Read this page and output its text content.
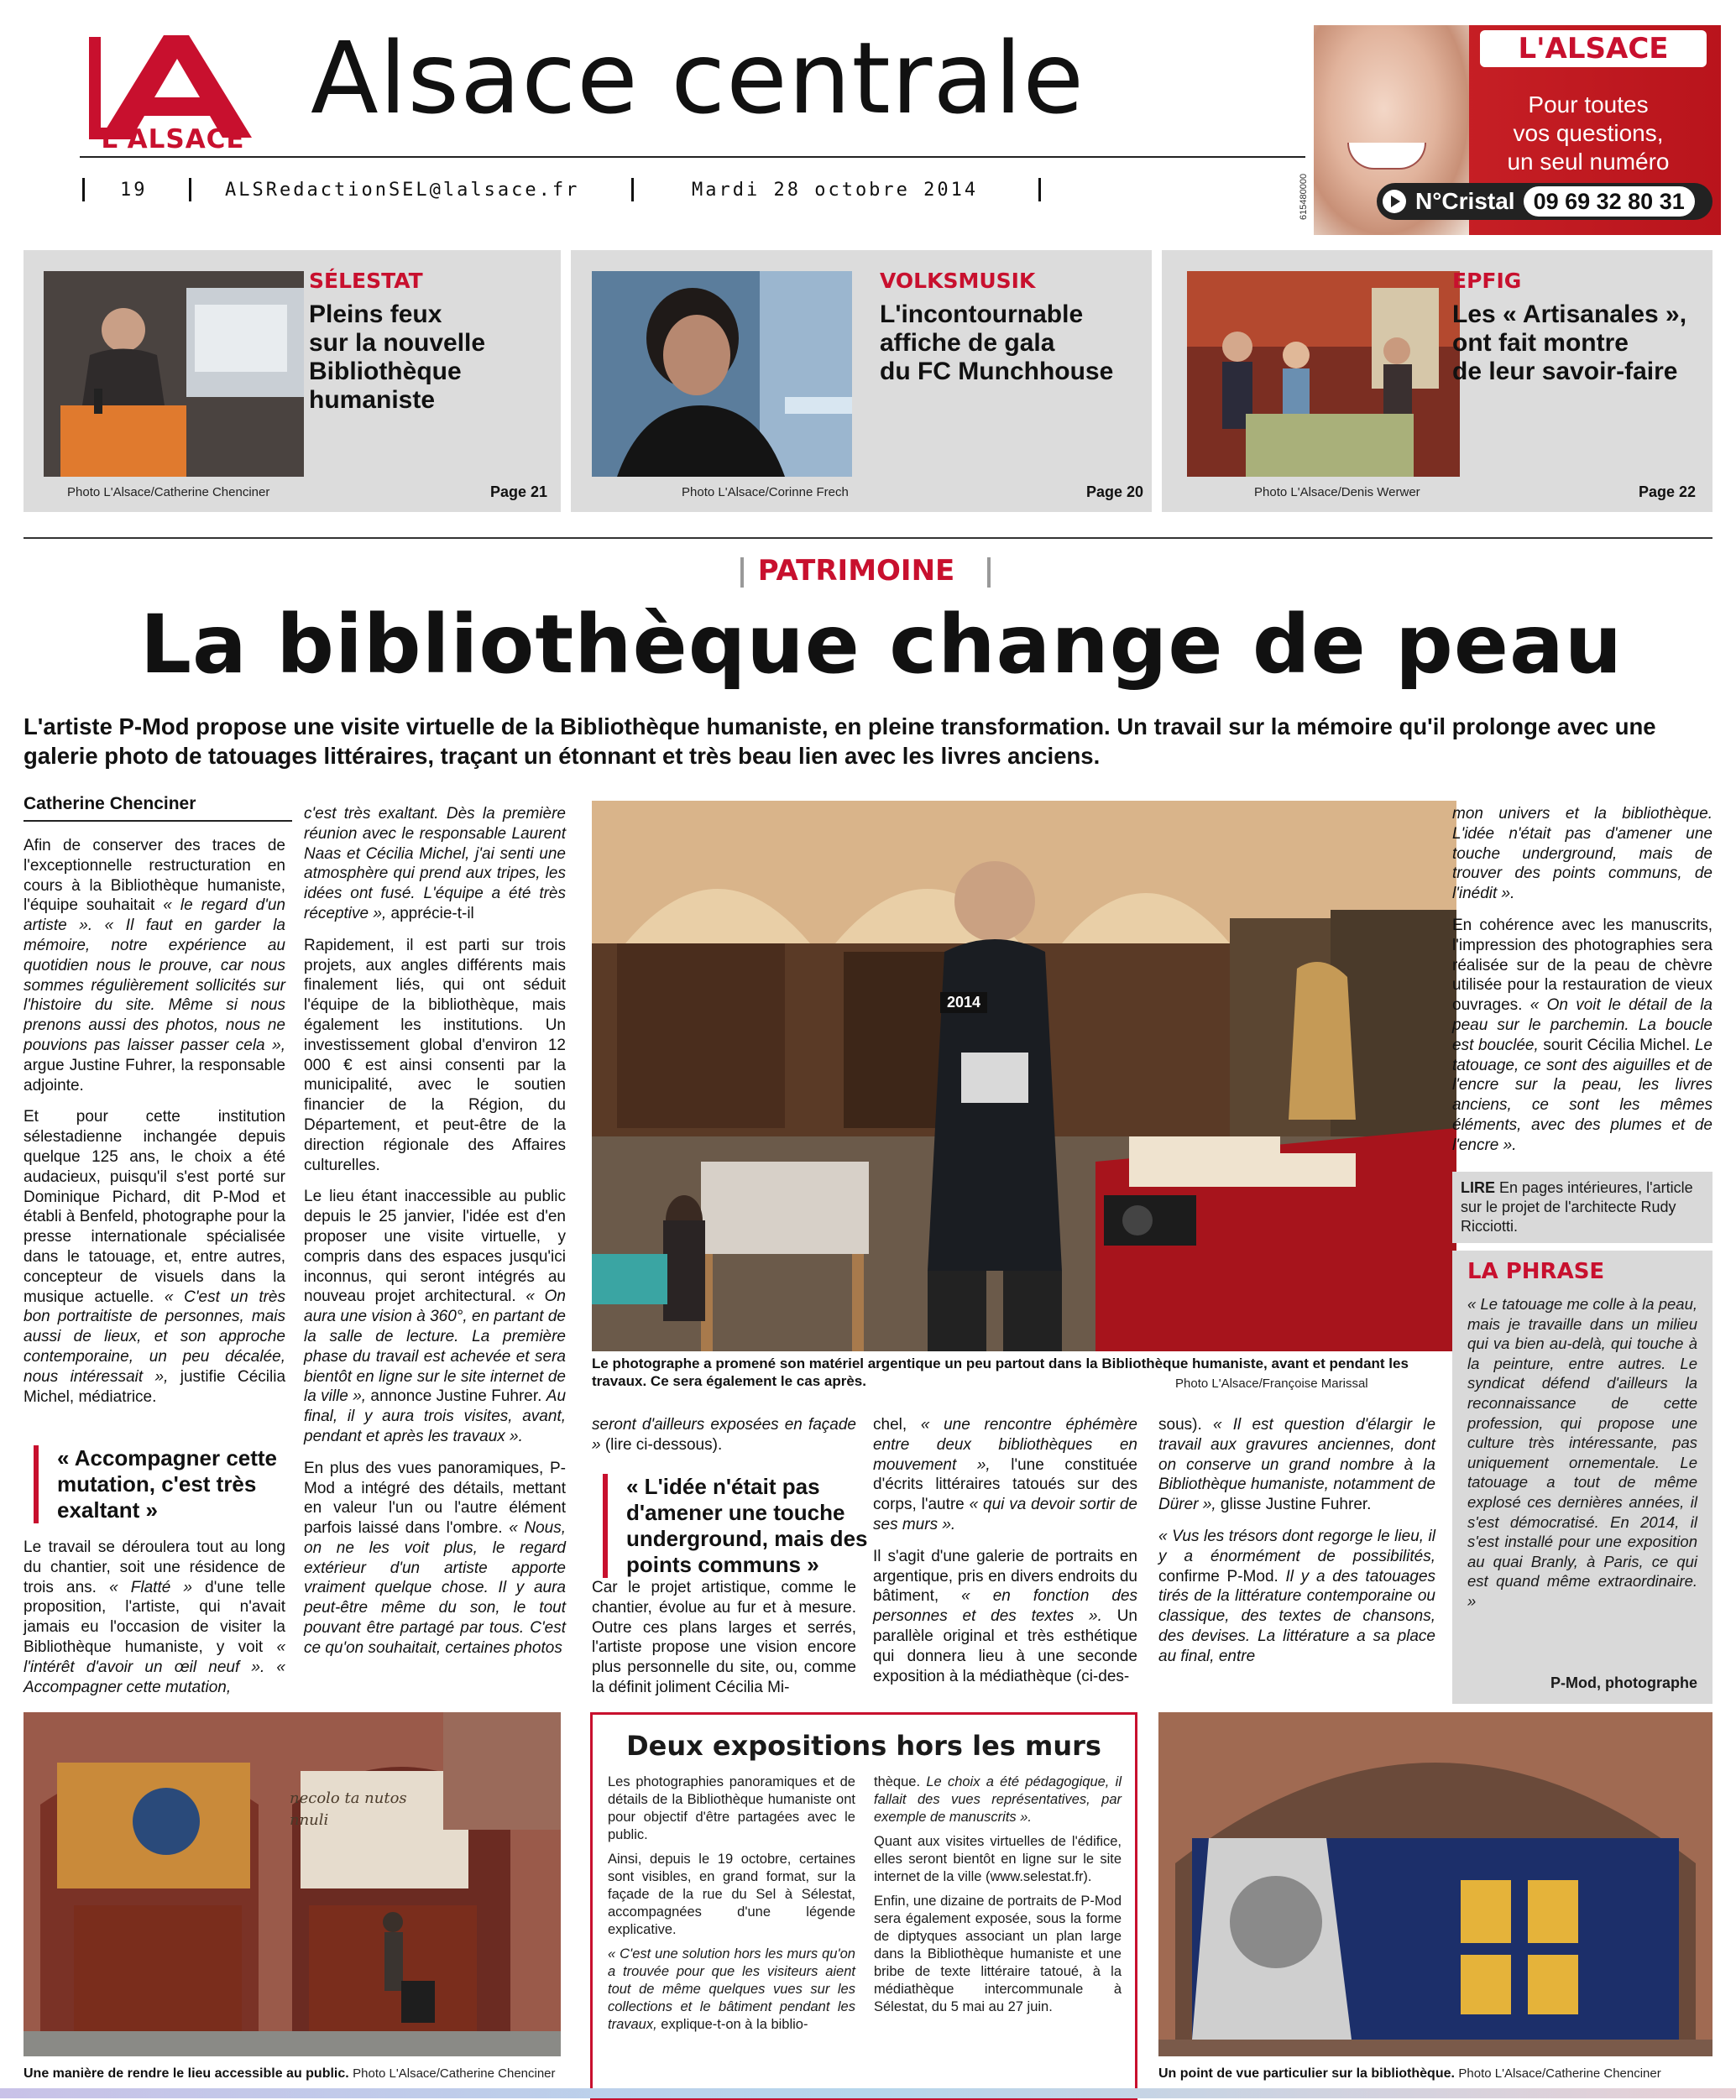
L'ALSACE
Alsace centrale
19	ALSRedactionSEL@lalsace.fr	Mardi 28 octobre 2014
L'ALSACE
Pour toutes
vos questions,
un seul numéro
N°Cristal 09 69 32 80 31
615480000
SÉLESTAT
Pleins feux
sur la nouvelle
Bibliothèque
humaniste
Photo L'Alsace/Catherine Chenciner	Page 21
VOLKSMUSIK
L'incontournable
affiche de gala
du FC Munchhouse
Photo L'Alsace/Corinne Frech	Page 20
EPFIG
Les « Artisanales »,
ont fait montre
de leur savoir-faire
Photo L'Alsace/Denis Werwer	Page 22
PATRIMOINE
La bibliothèque change de peau
L'artiste P-Mod propose une visite virtuelle de la Bibliothèque humaniste, en pleine transformation. Un travail sur la mémoire qu'il prolonge avec une galerie photo de tatouages littéraires, traçant un étonnant et très beau lien avec les livres anciens.
Catherine Chenciner

Afin de conserver des traces de l'exceptionnelle restructuration en cours à la Bibliothèque humaniste, l'équipe souhaitait « le regard d'un artiste ». « Il faut en garder la mémoire, notre expérience au quotidien nous le prouve, car nous sommes régulièrement sollicités sur l'histoire du site. Même si nous prenons aussi des photos, nous ne pouvions pas laisser passer cela », argue Justine Fuhrer, la responsable adjointe.

Et pour cette institution sélestadienne inchangée depuis quelque 125 ans, le choix a été audacieux, puisqu'il s'est porté sur Dominique Pichard, dit P-Mod et établi à Benfeld, photographe pour la presse internationale spécialisée dans le tatouage, et, entre autres, concepteur de visuels dans la musique actuelle. « C'est un très bon portraitiste de personnes, mais aussi de lieux, et son approche contemporaine, un peu décalée, nous intéressait », justifie Cécilia Michel, médiatrice.

« Accompagner cette mutation, c'est très exaltant »

Le travail se déroulera tout au long du chantier, soit une résidence de trois ans. « Flatté » d'une telle proposition, l'artiste, qui n'avait jamais eu l'occasion de visiter la Bibliothèque humaniste, y voit « l'intérêt d'avoir un œil neuf ». « Accompagner cette mutation,

c'est très exaltant. Dès la première réunion avec le responsable Laurent Naas et Cécilia Michel, j'ai senti une atmosphère qui prend aux tripes, les idées ont fusé. L'équipe a été très réceptive », apprécie-t-il

Rapidement, il est parti sur trois projets, aux angles différents mais finalement liés, qui ont séduit l'équipe de la bibliothèque, mais également les institutions. Un investissement global d'environ 12 000 € est ainsi consenti par la municipalité, avec le soutien financier de la Région, du Département, et peut-être de la direction régionale des Affaires culturelles.

Le lieu étant inaccessible au public depuis le 25 janvier, l'idée est d'en proposer une visite virtuelle, y compris dans des espaces jusqu'ici inconnus, qui seront intégrés au nouveau projet architectural. « On aura une vision à 360°, en partant de la salle de lecture. La première phase du travail est achevée et sera bientôt en ligne sur le site internet de la ville », annonce Justine Fuhrer. Au final, il y aura trois visites, avant, pendant et après les travaux ».

En plus des vues panoramiques, P-Mod a intégré des détails, mettant en valeur l'un ou l'autre élément parfois laissé dans l'ombre. « Nous, on ne les voit plus, le regard extérieur d'un artiste apporte vraiment quelque chose. Il y aura peut-être même du son, le tout pouvant être partagé par tous. C'est ce qu'on souhaitait, certaines photos

2014
Le photographe a promené son matériel argentique un peu partout dans la Bibliothèque humaniste, avant et pendant les travaux. Ce sera également le cas après.	Photo L'Alsace/Françoise Marissal

seront d'ailleurs exposées en façade » (lire ci-dessous).

« L'idée n'était pas d'amener une touche underground, mais des points communs »

Car le projet artistique, comme le chantier, évolue au fur et à mesure. Outre ces plans larges et serrés, l'artiste propose une vision encore plus personnelle du site, ou, comme la définit joliment Cécilia Mi-

chel, « une rencontre éphémère entre deux bibliothèques en mouvement », l'une constituée d'écrits littéraires tatoués sur des corps, l'autre « qui va devoir sortir de ses murs ».

Il s'agit d'une galerie de portraits en argentique, pris en divers endroits du bâtiment, « en fonction des personnes et des textes ». Un parallèle original et très esthétique qui donnera lieu à une seconde exposition à la médiathèque (ci-des-

sous). « Il est question d'élargir le travail aux gravures anciennes, dont on conserve un grand nombre à la Bibliothèque humaniste, notamment de Dürer », glisse Justine Fuhrer.

« Vus les trésors dont regorge le lieu, il y a énormément de possibilités, confirme P-Mod. Il y a des tatouages tirés de la littérature contemporaine ou classique, des textes de chansons, des devises. La littérature a sa place au final, entre

mon univers et la bibliothèque. L'idée n'était pas d'amener une touche underground, mais de trouver des points communs, de l'inédit ».

En cohérence avec les manuscrits, l'impression des photographies sera réalisée sur de la peau de chèvre utilisée pour la restauration de vieux ouvrages. « On voit le détail de la peau sur le parchemin. La boucle est bouclée, sourit Cécilia Michel. Le tatouage, ce sont des aiguilles et de l'encre sur la peau, les livres anciens, ce sont les mêmes éléments, avec des plumes et de l'encre ».

LIRE En pages intérieures, l'article sur le projet de l'architecte Rudy Ricciotti.
LA PHRASE

« Le tatouage me colle à la peau, mais je travaille dans un milieu qui va bien au-delà, qui touche à la peinture, entre autres. Le syndicat défend d'ailleurs la reconnaissance de cette profession, qui propose une culture très intéressante, pas uniquement ornementale. Le tatouage a tout de même explosé ces dernières années, il s'est démocratisé. En 2014, il s'est installé pour une exposition au quai Branly, à Paris, ce qui est quand même extraordinaire. »

P-Mod, photographe
necolo ta nutos nnuli
Une manière de rendre le lieu accessible au public. Photo L'Alsace/Catherine Chenciner
Deux expositions hors les murs

Les photographies panoramiques et de détails de la Bibliothèque humaniste ont pour objectif d'être partagées avec le public.

Ainsi, depuis le 19 octobre, certaines sont visibles, en grand format, sur la façade de la rue du Sel à Sélestat, accompagnées d'une légende explicative.

« C'est une solution hors les murs qu'on a trouvée pour que les visiteurs aient tout de même quelques vues sur les collections et le bâtiment pendant les travaux, explique-t-on à la biblio-

thèque. Le choix a été pédagogique, il fallait des vues représentatives, par exemple de manuscrits ».

Quant aux visites virtuelles de l'édifice, elles seront bientôt en ligne sur le site internet de la ville (www.selestat.fr).

Enfin, une dizaine de portraits de P-Mod sera également exposée, sous la forme de diptyques associant un plan large dans la Bibliothèque humaniste et une bribe de texte littéraire tatoué, à la médiathèque intercommunale à Sélestat, du 5 mai au 27 juin.

Un point de vue particulier sur la bibliothèque. Photo L'Alsace/Catherine Chenciner
